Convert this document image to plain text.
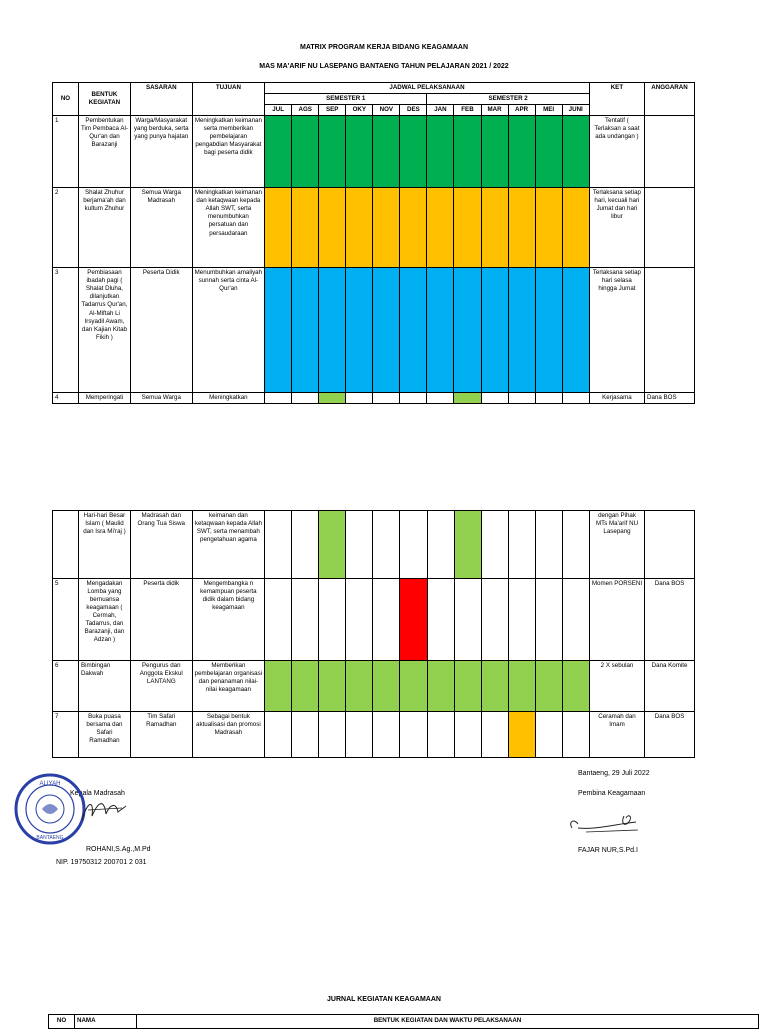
MATRIX PROGRAM KERJA BIDANG KEAGAMAAN
MAS MA'ARIF NU LASEPANG BANTAENG TAHUN PELAJARAN 2021 / 2022
NO	BENTUK KEGIATAN	SASARAN	TUJUAN	JADWAL PELAKSANAAN												KET	ANGGARAN
				SEMESTER 1						SEMESTER 2							
				JUL	AGS	SEP	OKY	NOV	DES	JAN	FEB	MAR	APR	MEI	JUNI		
1	Pembentukan Tim Pembaca Al-Qur'an dan Barazanji	Warga/Masyarakat yang berduka, serta yang punya hajatan	Meningkatkan keimanan serta memberikan pembelajaran pengabdian Masyarakat bagi peserta didik													Tentatif ( Terlaksan a saat ada undangan )	
2	Shalat Zhuhur berjama'ah dan kultum Zhuhur	Semua Warga Madrasah	Meningkatkan keimanan dan ketaqwaan kepada Allah SWT, serta menumbuhkan persatuan dan persaudaraan													Terlaksana setiap hari, kecuali hari Jumat dan hari libur	
3	Pembiasaan ibadah pagi ( Shalat Dluha, dilanjutkan Tadarrus Qur'an, Al-Miftah Li Irsyadil Awam, dan Kajian Kitab Fikih )	Peserta Didik	Menumbuhkan amaliyah sunnah serta cinta Al-Qur'an													Terlaksana setiap hari selasa hingga Jumat	
4	Memperingati	Semua Warga	Meningkatkan													Kerjasama	Dana BOS
	Hari-hari Besar Islam ( Maulid dan Isra Mi'raj )	Madrasah dan Orang Tua Siswa	keimanan dan ketaqwaan kepada Allah SWT, serta menambah pengetahuan agama													dengan Pihak MTs Ma'arif NU Lasepang	
5	Mengadakan Lomba yang bernuansa keagamaan ( Cermah, Tadarrus, dan Barazanji, dan Adzan )	Peserta didik	Mengembangka n kemampuan peserta didik dalam bidang keagamaan													Momen PORSENI	Dana BOS
6	Bimbingan Dakwah	Pengurus dan Anggota Ekskul LANTANG	Memberikan pembelajaran organisasi dan penanaman nilai-nilai keagamaan													2 X sebulan	Dana Komite
7	Buka puasa bersama dan Safari Ramadhan	Tim Safari Ramadhan	Sebagai bentuk aktualisasi dan promosi Madrasah													Ceramah dan Imam	Dana BOS
Bantaeng, 29 Juli 2022
Kepala Madrasah	Pembina Keagamaan
ALIYAH
BANTAENG
ROHANI,S.Ag.,M.Pd	FAJAR NUR,S.Pd.I
NIP. 19750312 200701 2 031
JURNAL KEGIATAN KEAGAMAAN
NO	NAMA	BENTUK KEGIATAN DAN WAKTU PELAKSANAAN
